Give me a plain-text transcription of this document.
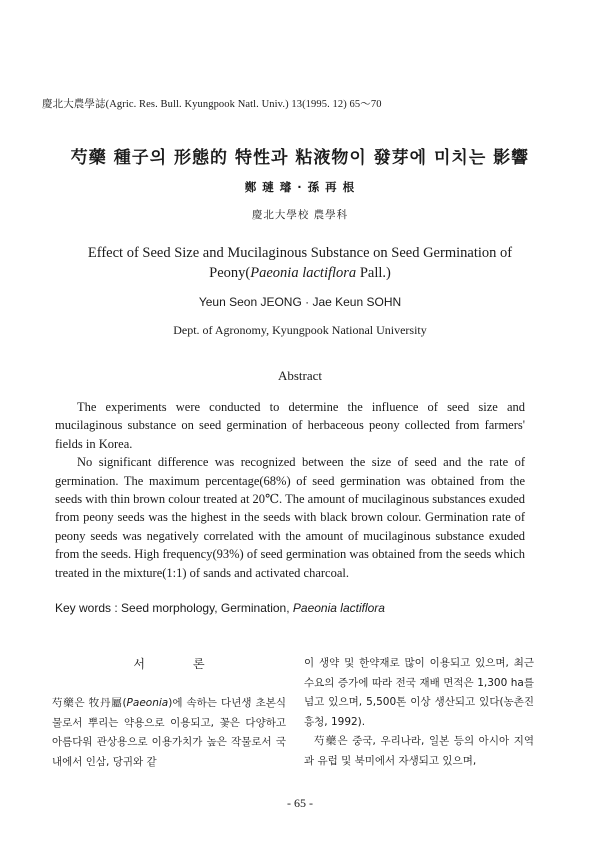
慶北大農學誌(Agric. Res. Bull. Kyungpook Natl. Univ.) 13(1995. 12) 65～70
芍藥 種子의 形態的 特性과 粘液物이 發芽에 미치는 影響
鄭 璉 璿 · 孫 再 根
慶北大學校 農學科
Effect of Seed Size and Mucilaginous Substance on Seed Germination of
Peony(Paeonia lactiflora Pall.)
Yeun Seon JEONG · Jae Keun SOHN
Dept. of Agronomy, Kyungpook National University
Abstract

The experiments were conducted to determine the influence of seed size and mucilaginous substance on seed germination of herbaceous peony collected from farmers' fields in Korea.

No significant difference was recognized between the size of seed and the rate of germination. The maximum percentage(68%) of seed germination was obtained from the seeds with thin brown colour treated at 20℃. The amount of mucilaginous substances exuded from peony seeds was the highest in the seeds with black brown colour. Germination rate of peony seeds was negatively correlated with the amount of mucilaginous substance exuded from the seeds. High frequency(93%) of seed germination was obtained from the seeds which treated in the mixture(1:1) of sands and activated charcoal.

Key words : Seed morphology, Germination, Paeonia lactiflora
서　　　　론

芍藥은 牧丹屬(Paeonia)에 속하는 다년생 초본식물로서 뿌리는 약용으로 이용되고, 꽃은 다양하고 아름다워 관상용으로 이용가치가 높은 작물로서 국내에서 인삼, 당귀와 같

이 생약 및 한약재로 많이 이용되고 있으며, 최근 수요의 증가에 따라 전국 재배 면적은 1,300 ha를 넘고 있으며, 5,500톤 이상 생산되고 있다(농촌진흥청, 1992).

芍藥은 중국, 우리나라, 일본 등의 아시아 지역과 유럽 및 북미에서 자생되고 있으며,

- 65 -
